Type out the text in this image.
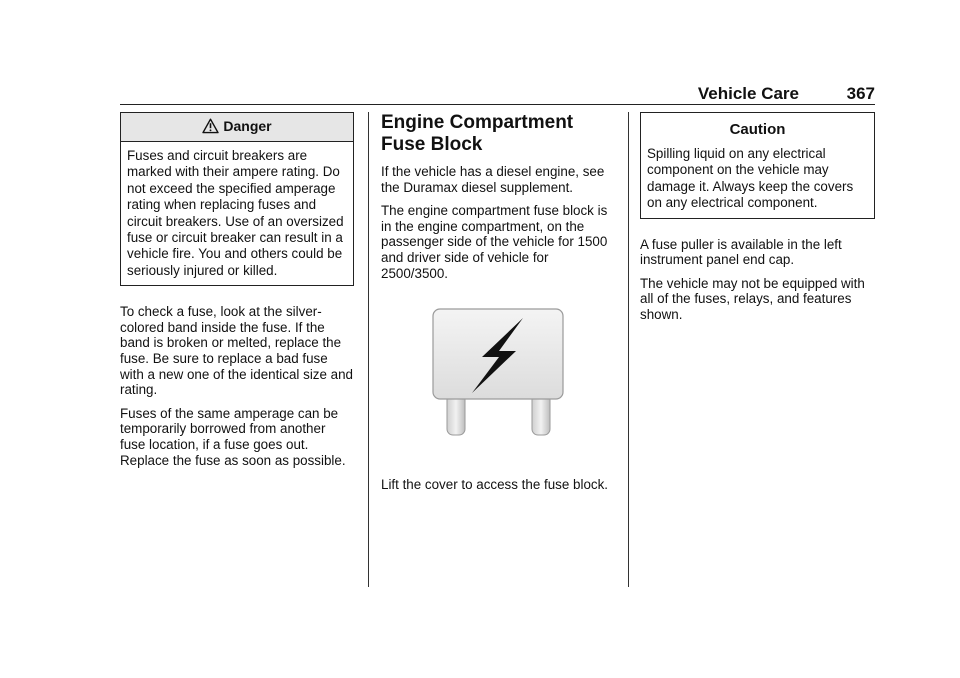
Vehicle Care	367
Danger
Fuses and circuit breakers are marked with their ampere rating. Do not exceed the specified amperage rating when replacing fuses and circuit breakers. Use of an oversized fuse or circuit breaker can result in a vehicle fire. You and others could be seriously injured or killed.

To check a fuse, look at the silver-colored band inside the fuse. If the band is broken or melted, replace the fuse. Be sure to replace a bad fuse with a new one of the identical size and rating.

Fuses of the same amperage can be temporarily borrowed from another fuse location, if a fuse goes out. Replace the fuse as soon as possible.

Engine Compartment Fuse Block

If the vehicle has a diesel engine, see the Duramax diesel supplement.

The engine compartment fuse block is in the engine compartment, on the passenger side of the vehicle for 1500 and driver side of vehicle for 2500/3500.

Lift the cover to access the fuse block.

Caution
Spilling liquid on any electrical component on the vehicle may damage it. Always keep the covers on any electrical component.

A fuse puller is available in the left instrument panel end cap.

The vehicle may not be equipped with all of the fuses, relays, and features shown.
